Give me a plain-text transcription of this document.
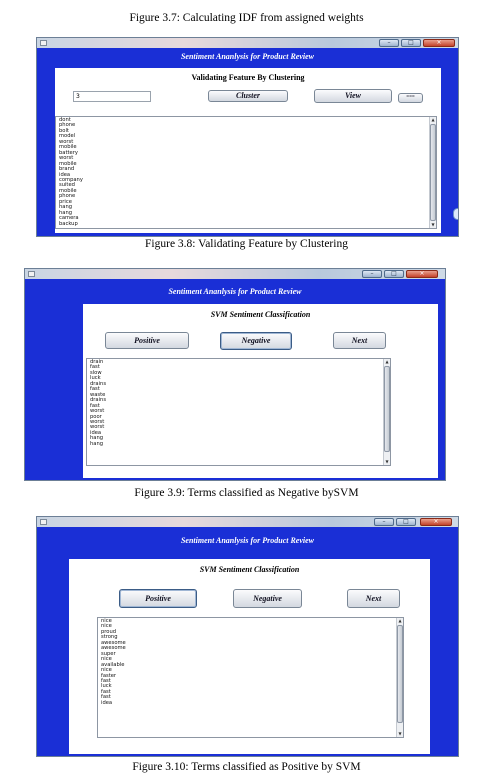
Figure 3.7: Calculating IDF from assigned weights
–	□	×
Sentiment Ananlysis for Product Review
Validating Feature By Clustering
3	Cluster	View	===
dont
phone
bolt
model
worst
mobile
battery
worst
mobile
brand
idea
company
suited
mobile
phone
price
hang
hang
camera
backup
▲
▼
Figure 3.8: Validating Feature by Clustering
–	□	×
Sentiment Ananlysis for Product Review
SVM Sentiment Classification
Positive	Negative	Next
drain
fast
slow
luck
drains
fast
waste
drains
fast
worst
poor
worst
worst
idea
hang
hang
▲
▼
Figure 3.9: Terms classified as Negative bySVM
–	□	×
Sentiment Ananlysis for Product Review
SVM Sentiment Classification
Positive	Negative	Next
nice
nice
proud
strong
awesome
awesome
super
nice
available
nice
faster
fast
luck
fast
fast
idea
▲
▼
Figure 3.10: Terms classified as Positive by SVM
